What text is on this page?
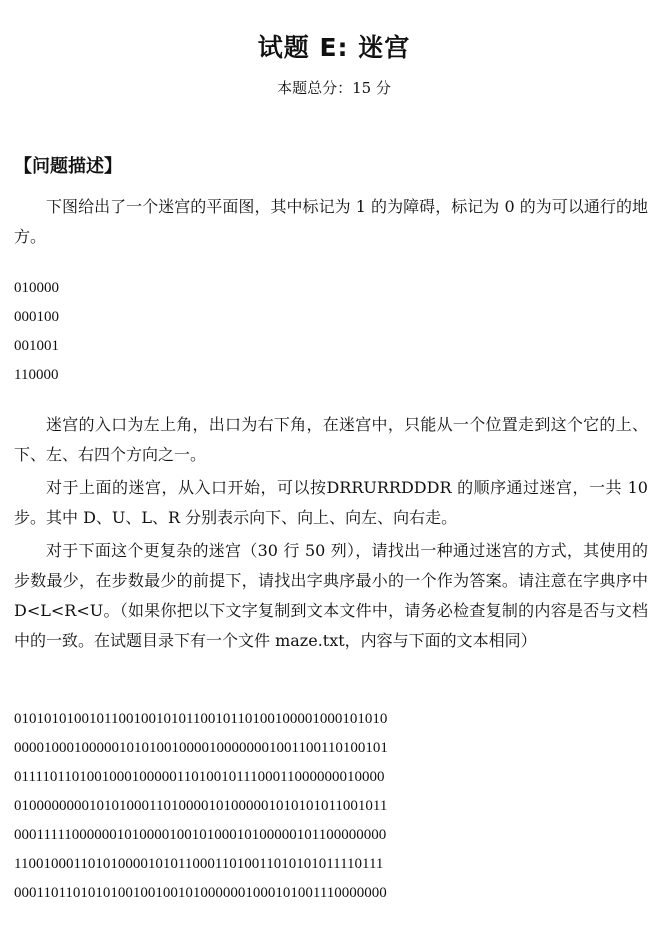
试题 E: 迷宫
本题总分：15 分
【问题描述】

下图给出了一个迷宫的平面图，其中标记为 1 的为障碍，标记为 0 的为可以通行的地方。

010000
000100
001001
110000

迷宫的入口为左上角，出口为右下角，在迷宫中，只能从一个位置走到这个它的上、下、左、右四个方向之一。

对于上面的迷宫，从入口开始，可以按DRRURRDDDR 的顺序通过迷宫，一共 10 步。其中 D、U、L、R 分别表示向下、向上、向左、向右走。

对于下面这个更复杂的迷宫（30 行 50 列），请找出一种通过迷宫的方式，其使用的步数最少，在步数最少的前提下，请找出字典序最小的一个作为答案。请注意在字典序中D<L<R<U。（如果你把以下文字复制到文本文件中，请务必检查复制的内容是否与文档中的一致。在试题目录下有一个文件 maze.txt，内容与下面的文本相同）

01010101001011001001010110010110100100001000101010
00001000100000101010010000100000001001100110100101
01111011010010001000001101001011100011000000010000
01000000001010100011010000101000001010101011001011
00011111000000101000010010100010100000101100000000
11001000110101000010101100011010011010101011110111
00011011010101001001001010000001000101001110000000
